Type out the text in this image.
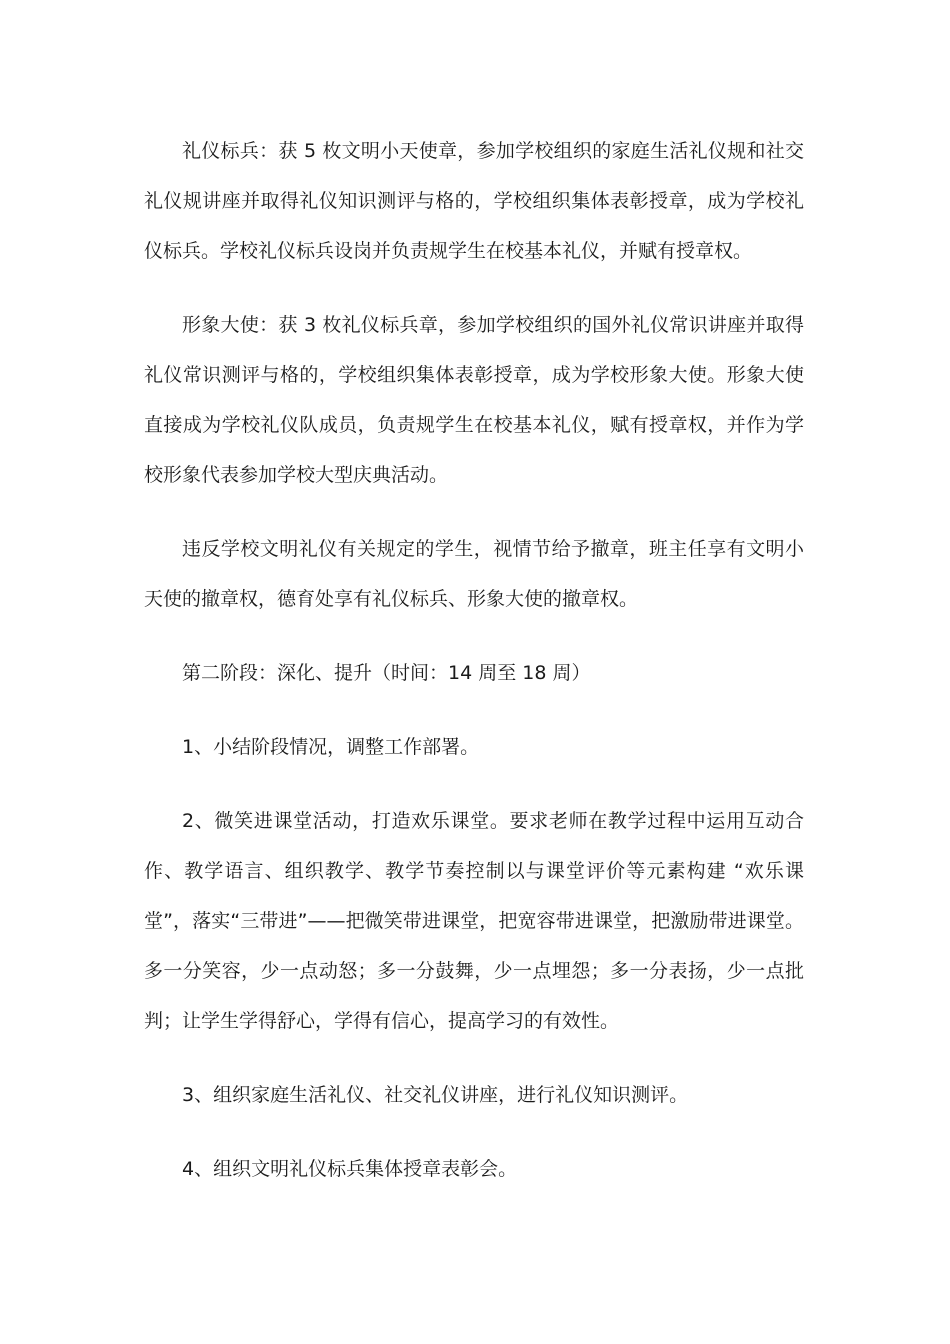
礼仪标兵：获 5 枚文明小天使章，参加学校组织的家庭生活礼仪规和社交礼仪规讲座并取得礼仪知识测评与格的，学校组织集体表彰授章，成为学校礼仪标兵。学校礼仪标兵设岗并负责规学生在校基本礼仪，并赋有授章权。

形象大使：获 3 枚礼仪标兵章，参加学校组织的国外礼仪常识讲座并取得礼仪常识测评与格的，学校组织集体表彰授章，成为学校形象大使。形象大使直接成为学校礼仪队成员，负责规学生在校基本礼仪，赋有授章权，并作为学校形象代表参加学校大型庆典活动。

违反学校文明礼仪有关规定的学生，视情节给予撤章，班主任享有文明小天使的撤章权，德育处享有礼仪标兵、形象大使的撤章权。

第二阶段：深化、提升（时间：14 周至 18 周）

1、小结阶段情况，调整工作部署。

2、微笑进课堂活动，打造欢乐课堂。要求老师在教学过程中运用互动合作、教学语言、组织教学、教学节奏控制以与课堂评价等元素构建 “欢乐课堂”，落实“三带进”——把微笑带进课堂，把宽容带进课堂，把激励带进课堂。多一分笑容，少一点动怒；多一分鼓舞，少一点埋怨；多一分表扬，少一点批判；让学生学得舒心，学得有信心，提高学习的有效性。

3、组织家庭生活礼仪、社交礼仪讲座，进行礼仪知识测评。

4、组织文明礼仪标兵集体授章表彰会。
